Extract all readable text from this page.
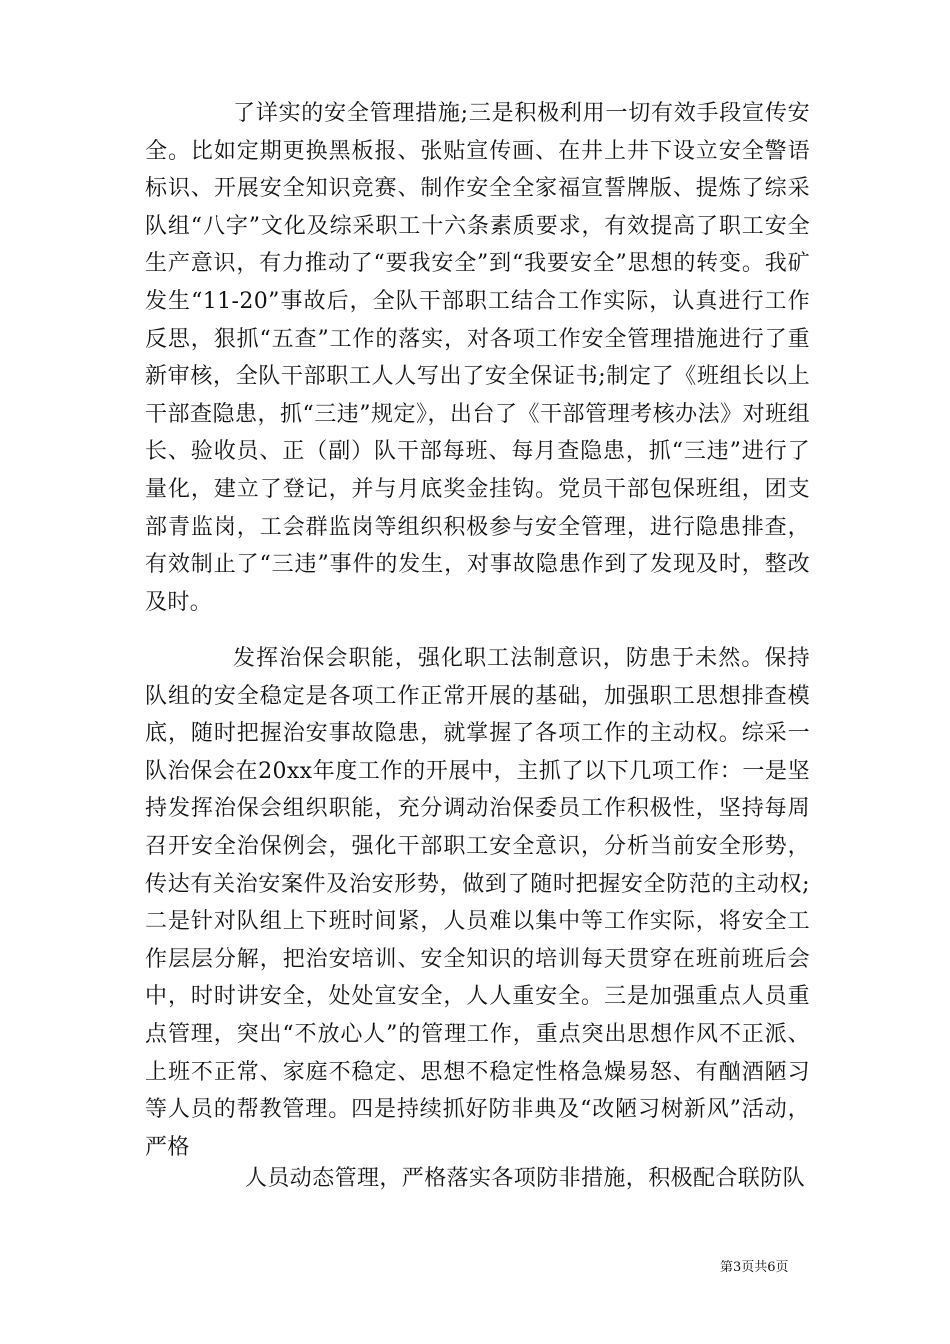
了详实的安全管理措施;三是积极利用一切有效手段宣传安全。比如定期更换黑板报、张贴宣传画、在井上井下设立安全警语标识、开展安全知识竞赛、制作安全全家福宣誓牌版、提炼了综采队组“八字”文化及综采职工十六条素质要求，有效提高了职工安全生产意识，有力推动了“要我安全”到“我要安全”思想的转变。我矿发生“11-20”事故后，全队干部职工结合工作实际，认真进行工作反思，狠抓“五查”工作的落实，对各项工作安全管理措施进行了重新审核，全队干部职工人人写出了安全保证书;制定了《班组长以上干部查隐患，抓“三违”规定》，出台了《干部管理考核办法》对班组长、验收员、正（副）队干部每班、每月查隐患，抓“三违”进行了量化，建立了登记，并与月底奖金挂钩。党员干部包保班组，团支部青监岗，工会群监岗等组织积极参与安全管理，进行隐患排查，有效制止了“三违”事件的发生，对事故隐患作到了发现及时，整改及时。

发挥治保会职能，强化职工法制意识，防患于未然。保持队组的安全稳定是各项工作正常开展的基础，加强职工思想排查模底，随时把握治安事故隐患，就掌握了各项工作的主动权。综采一队治保会在20xx年度工作的开展中，主抓了以下几项工作：一是坚持发挥治保会组织职能，充分调动治保委员工作积极性，坚持每周召开安全治保例会，强化干部职工安全意识，分析当前安全形势，传达有关治安案件及治安形势，做到了随时把握安全防范的主动权;二是针对队组上下班时间紧，人员难以集中等工作实际，将安全工作层层分解，把治安培训、安全知识的培训每天贯穿在班前班后会中，时时讲安全，处处宣安全，人人重安全。三是加强重点人员重点管理，突出“不放心人”的管理工作，重点突出思想作风不正派、上班不正常、家庭不稳定、思想不稳定性格急燥易怒、有酗酒陋习等人员的帮教管理。四是持续抓好防非典及“改陋习树新风”活动，严格

人员动态管理，严格落实各项防非措施，积极配合联防队

第3页共6页
